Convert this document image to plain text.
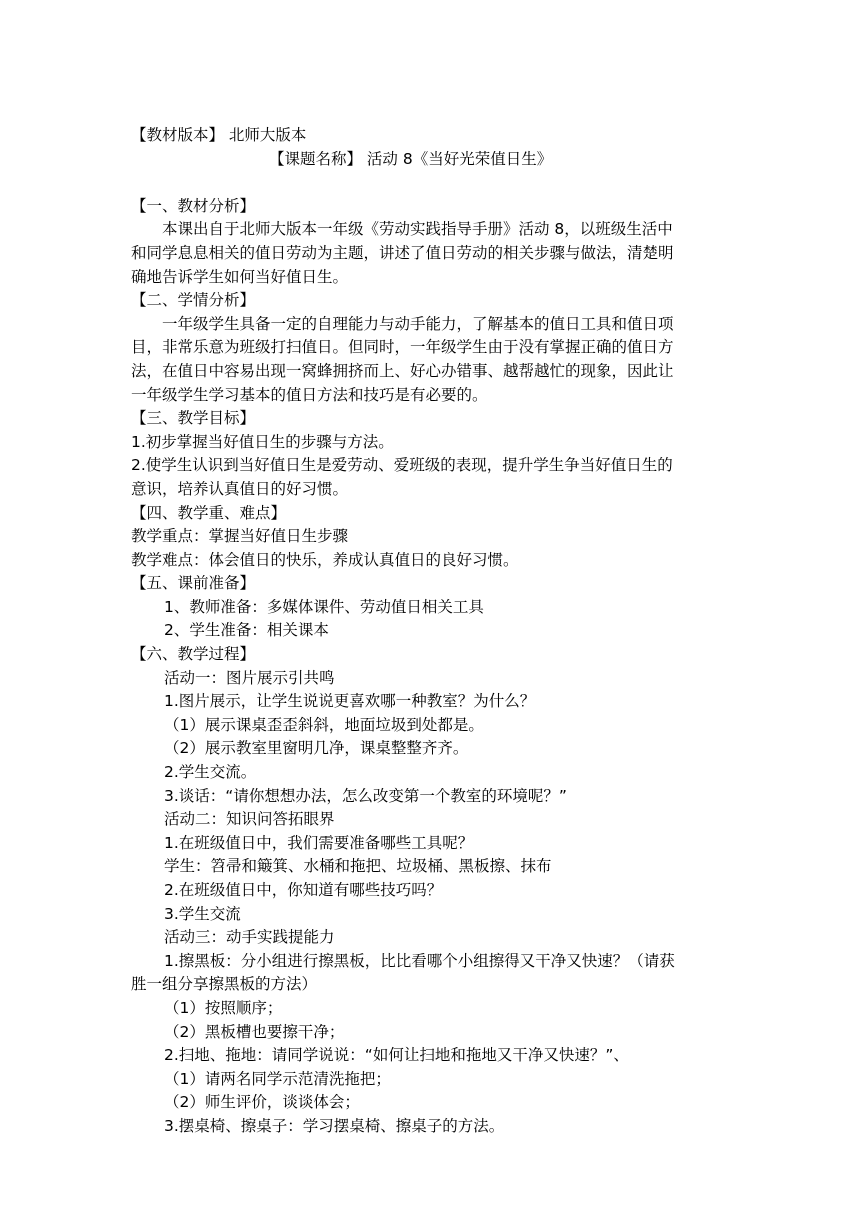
【教材版本】 北师大版本
【课题名称】 活动 8《当好光荣值日生》
【一、教材分析】
本课出自于北师大版本一年级《劳动实践指导手册》活动 8，以班级生活中
和同学息息相关的值日劳动为主题，讲述了值日劳动的相关步骤与做法，清楚明
确地告诉学生如何当好值日生。
【二、学情分析】
一年级学生具备一定的自理能力与动手能力，了解基本的值日工具和值日项
目，非常乐意为班级打扫值日。但同时，一年级学生由于没有掌握正确的值日方
法，在值日中容易出现一窝蜂拥挤而上、好心办错事、越帮越忙的现象，因此让
一年级学生学习基本的值日方法和技巧是有必要的。
【三、教学目标】
1.初步掌握当好值日生的步骤与方法。
2.使学生认识到当好值日生是爱劳动、爱班级的表现，提升学生争当好值日生的
意识，培养认真值日的好习惯。
【四、教学重、难点】
教学重点：掌握当好值日生步骤
教学难点：体会值日的快乐，养成认真值日的良好习惯。
【五、课前准备】
1、教师准备：多媒体课件、劳动值日相关工具
2、学生准备：相关课本
【六、教学过程】
活动一：图片展示引共鸣
1.图片展示，让学生说说更喜欢哪一种教室？为什么？
（1）展示课桌歪歪斜斜，地面垃圾到处都是。
（2）展示教室里窗明几净，课桌整整齐齐。
2.学生交流。
3.谈话：“请你想想办法，怎么改变第一个教室的环境呢？”
活动二：知识问答拓眼界
1.在班级值日中，我们需要准备哪些工具呢？
学生：笤帚和簸箕、水桶和拖把、垃圾桶、黑板擦、抹布
2.在班级值日中，你知道有哪些技巧吗？
3.学生交流
活动三：动手实践提能力
1.擦黑板：分小组进行擦黑板，比比看哪个小组擦得又干净又快速？（请获
胜一组分享擦黑板的方法）
（1）按照顺序；
（2）黑板槽也要擦干净；
2.扫地、拖地：请同学说说：“如何让扫地和拖地又干净又快速？”、
（1）请两名同学示范清洗拖把；
（2）师生评价，谈谈体会；
3.摆桌椅、擦桌子：学习摆桌椅、擦桌子的方法。
